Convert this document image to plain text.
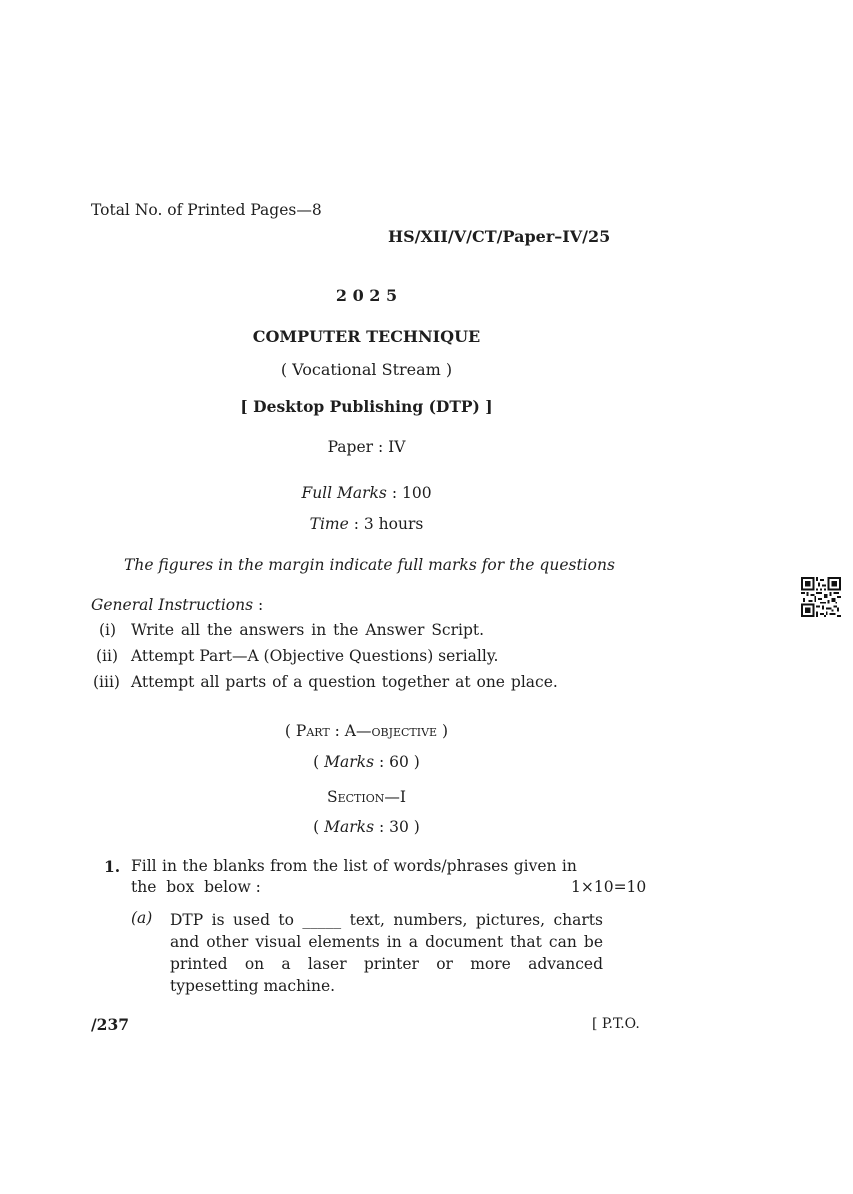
Total No. of Printed Pages—8
HS/XII/V/CT/Paper–IV/25
2 0 2 5
COMPUTER TECHNIQUE
( Vocational Stream )
[ Desktop Publishing (DTP) ]
Paper : IV
Full Marks : 100
Time : 3 hours
The figures in the margin indicate full marks for the questions
General Instructions :
(i) Write all the answers in the Answer Script.
(ii) Attempt Part—A (Objective Questions) serially.
(iii) Attempt all parts of a question together at one place.
( Part : A—objective )
( Marks : 60 )
Section—I
( Marks : 30 )
1. Fill in the blanks from the list of words/phrases given in
the  box  below :	1×10=10
(a) DTP is used to _____ text, numbers, pictures, charts and other visual elements in a document that can be printed on a laser printer or more advanced typesetting machine.
/237	[ P.T.O.
